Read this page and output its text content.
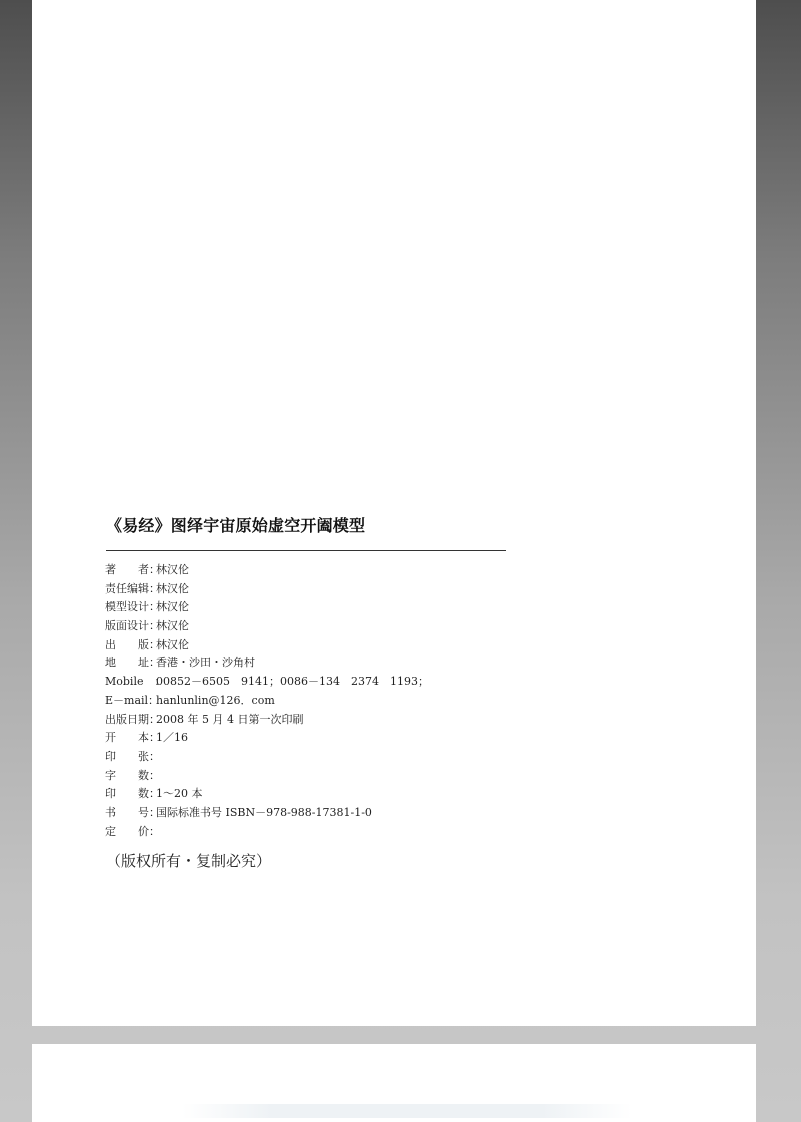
《易经》图绎宇宙原始虚空开阖模型
著　　者：
林汉伦
责任编辑：
林汉伦
模型设计：
林汉伦
版面设计：
林汉伦
出　　版：
林汉伦
地　　址：
香港・沙田・沙角村
Mobile　：
00852－6505　9141；0086－134　2374　1193；
E－mail：
hanlunlin@126．com
出版日期：
2008 年 5 月 4 日第一次印刷
开　　本：
1／16
印　　张：
字　　数：
印　　数：
1～20 本
书　　号：
国际标准书号 ISBN－978-988-17381-1-0
定　　价：
（版权所有・复制必究）
